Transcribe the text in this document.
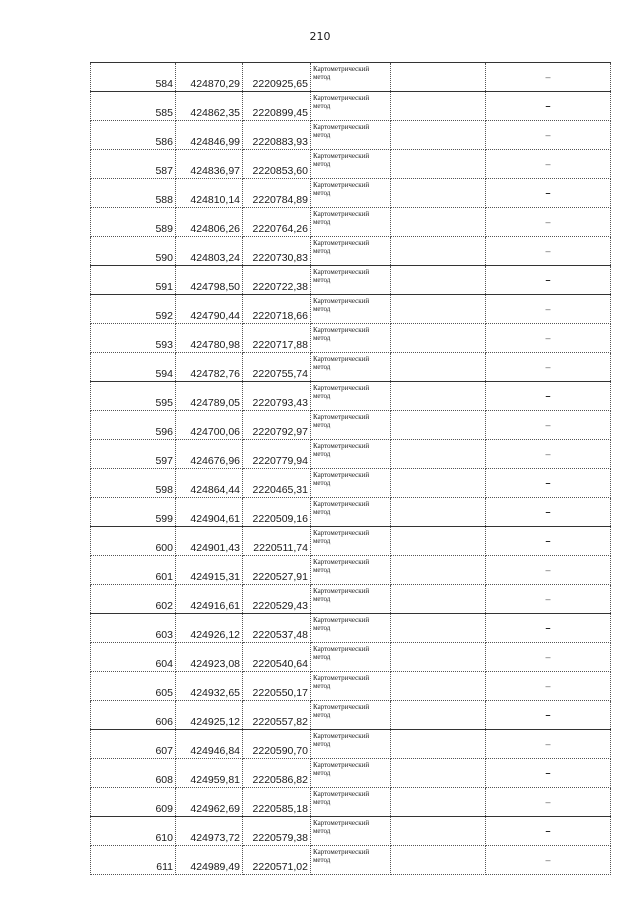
210
584	424870,29	2220925,65	Картометрический
метод		–
585	424862,35	2220899,45	Картометрический
метод		–
586	424846,99	2220883,93	Картометрический
метод		–
587	424836,97	2220853,60	Картометрический
метод		–
588	424810,14	2220784,89	Картометрический
метод		–
589	424806,26	2220764,26	Картометрический
метод		–
590	424803,24	2220730,83	Картометрический
метод		–
591	424798,50	2220722,38	Картометрический
метод		–
592	424790,44	2220718,66	Картометрический
метод		–
593	424780,98	2220717,88	Картометрический
метод		–
594	424782,76	2220755,74	Картометрический
метод		–
595	424789,05	2220793,43	Картометрический
метод		–
596	424700,06	2220792,97	Картометрический
метод		–
597	424676,96	2220779,94	Картометрический
метод		–
598	424864,44	2220465,31	Картометрический
метод		–
599	424904,61	2220509,16	Картометрический
метод		–
600	424901,43	2220511,74	Картометрический
метод		–
601	424915,31	2220527,91	Картометрический
метод		–
602	424916,61	2220529,43	Картометрический
метод		–
603	424926,12	2220537,48	Картометрический
метод		–
604	424923,08	2220540,64	Картометрический
метод		–
605	424932,65	2220550,17	Картометрический
метод		–
606	424925,12	2220557,82	Картометрический
метод		–
607	424946,84	2220590,70	Картометрический
метод		–
608	424959,81	2220586,82	Картометрический
метод		–
609	424962,69	2220585,18	Картометрический
метод		–
610	424973,72	2220579,38	Картометрический
метод		–
611	424989,49	2220571,02	Картометрический
метод		–
